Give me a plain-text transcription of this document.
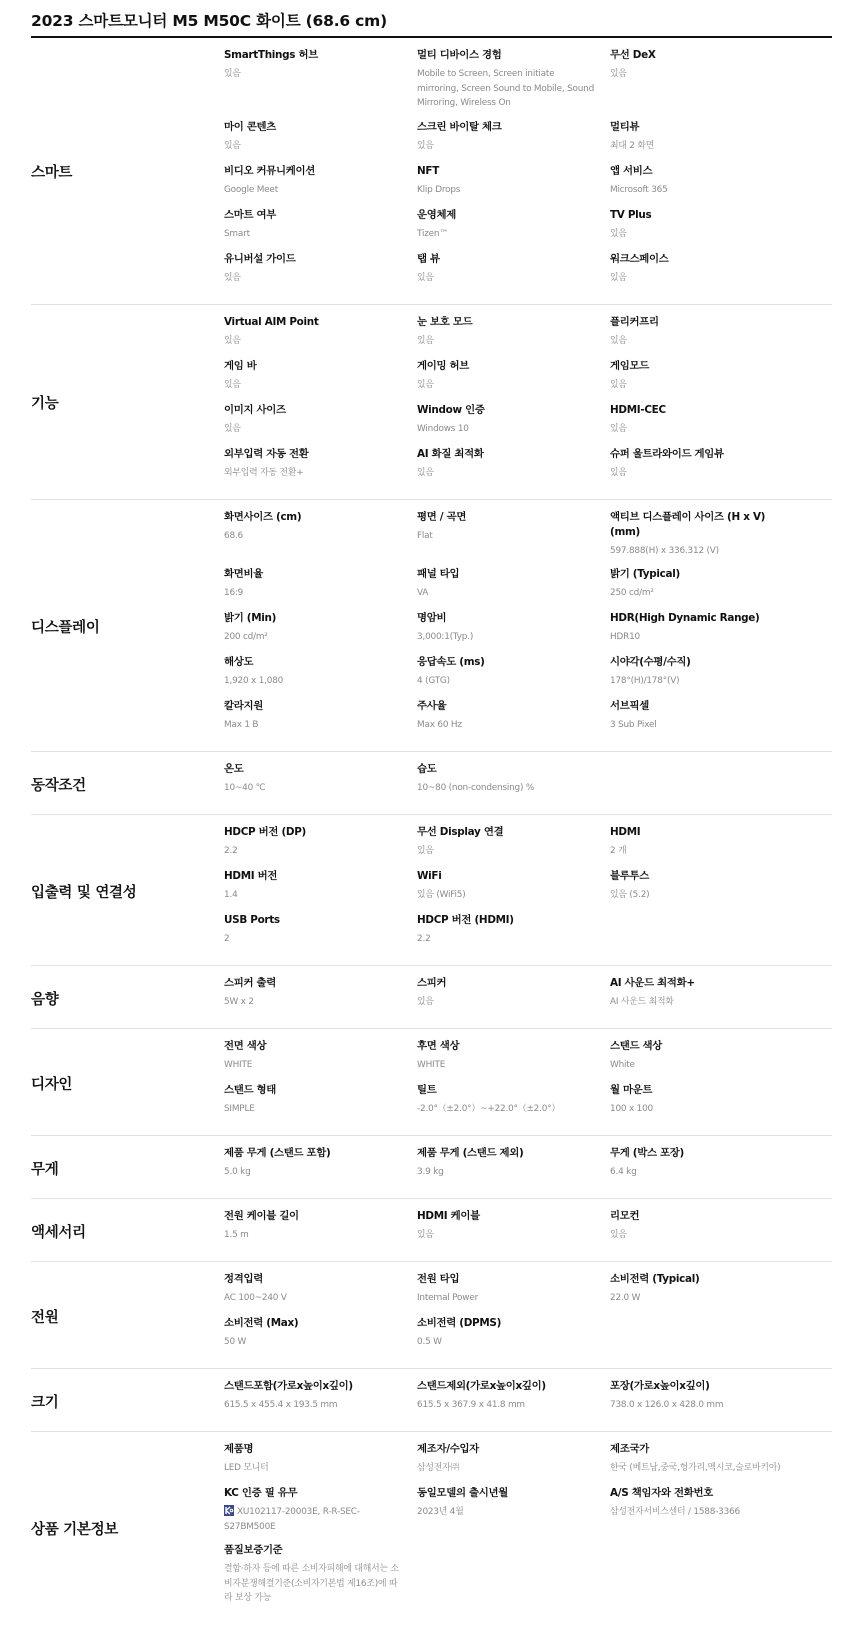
2023 스마트모니터 M5 M50C 화이트 (68.6 cm)
스마트
SmartThings 허브
있음
멀티 디바이스 경험
Mobile to Screen, Screen initiate mirroring, Screen Sound to Mobile, Sound Mirroring, Wireless On
무선 DeX
있음
마이 콘텐츠
있음
스크린 바이탈 체크
있음
멀티뷰
최대 2 화면
비디오 커뮤니케이션
Google Meet
NFT
Klip Drops
앱 서비스
Microsoft 365
스마트 여부
Smart
운영체제
Tizen™
TV Plus
있음
유니버설 가이드
있음
탭 뷰
있음
워크스페이스
있음
기능
Virtual AIM Point
있음
눈 보호 모드
있음
플리커프리
있음
게임 바
있음
게이밍 허브
있음
게임모드
있음
이미지 사이즈
있음
Window 인증
Windows 10
HDMI-CEC
있음
외부입력 자동 전환
외부입력 자동 전환+
AI 화질 최적화
있음
슈퍼 울트라와이드 게임뷰
있음
디스플레이
화면사이즈 (cm)
68.6
평면 / 곡면
Flat
액티브 디스플레이 사이즈 (H x V) (mm)
597.888(H) x 336.312 (V)
화면비율
16:9
패널 타입
VA
밝기 (Typical)
250 cd/m²
밝기 (Min)
200 cd/m²
명암비
3,000:1(Typ.)
HDR(High Dynamic Range)
HDR10
해상도
1,920 x 1,080
응답속도 (ms)
4 (GTG)
시야각(수평/수직)
178°(H)/178°(V)
칼라지원
Max 1 B
주사율
Max 60 Hz
서브픽셀
3 Sub Pixel
동작조건
온도
10~40 ℃
습도
10~80 (non-condensing) %
입출력 및 연결성
HDCP 버전 (DP)
2.2
무선 Display 연결
있음
HDMI
2 개
HDMI 버전
1.4
WiFi
있음 (WiFi5)
블루투스
있음 (5.2)
USB Ports
2
HDCP 버전 (HDMI)
2.2
음향
스피커 출력
5W x 2
스피커
있음
AI 사운드 최적화+
AI 사운드 최적화
디자인
전면 색상
WHITE
후면 색상
WHITE
스탠드 색상
White
스탠드 형태
SIMPLE
틸트
-2.0°（±2.0°）~+22.0°（±2.0°）
월 마운트
100 x 100
무게
제품 무게 (스탠드 포함)
5.0 kg
제품 무게 (스탠드 제외)
3.9 kg
무게 (박스 포장)
6.4 kg
액세서리
전원 케이블 길이
1.5 m
HDMI 케이블
있음
리모컨
있음
전원
정격입력
AC 100~240 V
전원 타입
Internal Power
소비전력 (Typical)
22.0 W
소비전력 (Max)
50 W
소비전력 (DPMS)
0.5 W
크기
스탠드포함(가로x높이x깊이)
615.5 x 455.4 x 193.5 mm
스탠드제외(가로x높이x깊이)
615.5 x 367.9 x 41.8 mm
포장(가로x높이x깊이)
738.0 x 126.0 x 428.0 mm
상품 기본정보
제품명
LED 모니터
제조자/수입자
삼성전자㈜
제조국가
한국 (베트남,중국,헝가리,멕시코,슬로바키아)
KC 인증 필 유무
XU102117-20003E, R-R-SEC-S27BM500E
동일모델의 출시년월
2023년 4월
A/S 책임자와 전화번호
삼성전자서비스센터 / 1588-3366
품질보증기준
결함·하자 등에 따른 소비자피해에 대해서는 소비자분쟁해결기준(소비자기본법 제16조)에 따라 보상 가능
